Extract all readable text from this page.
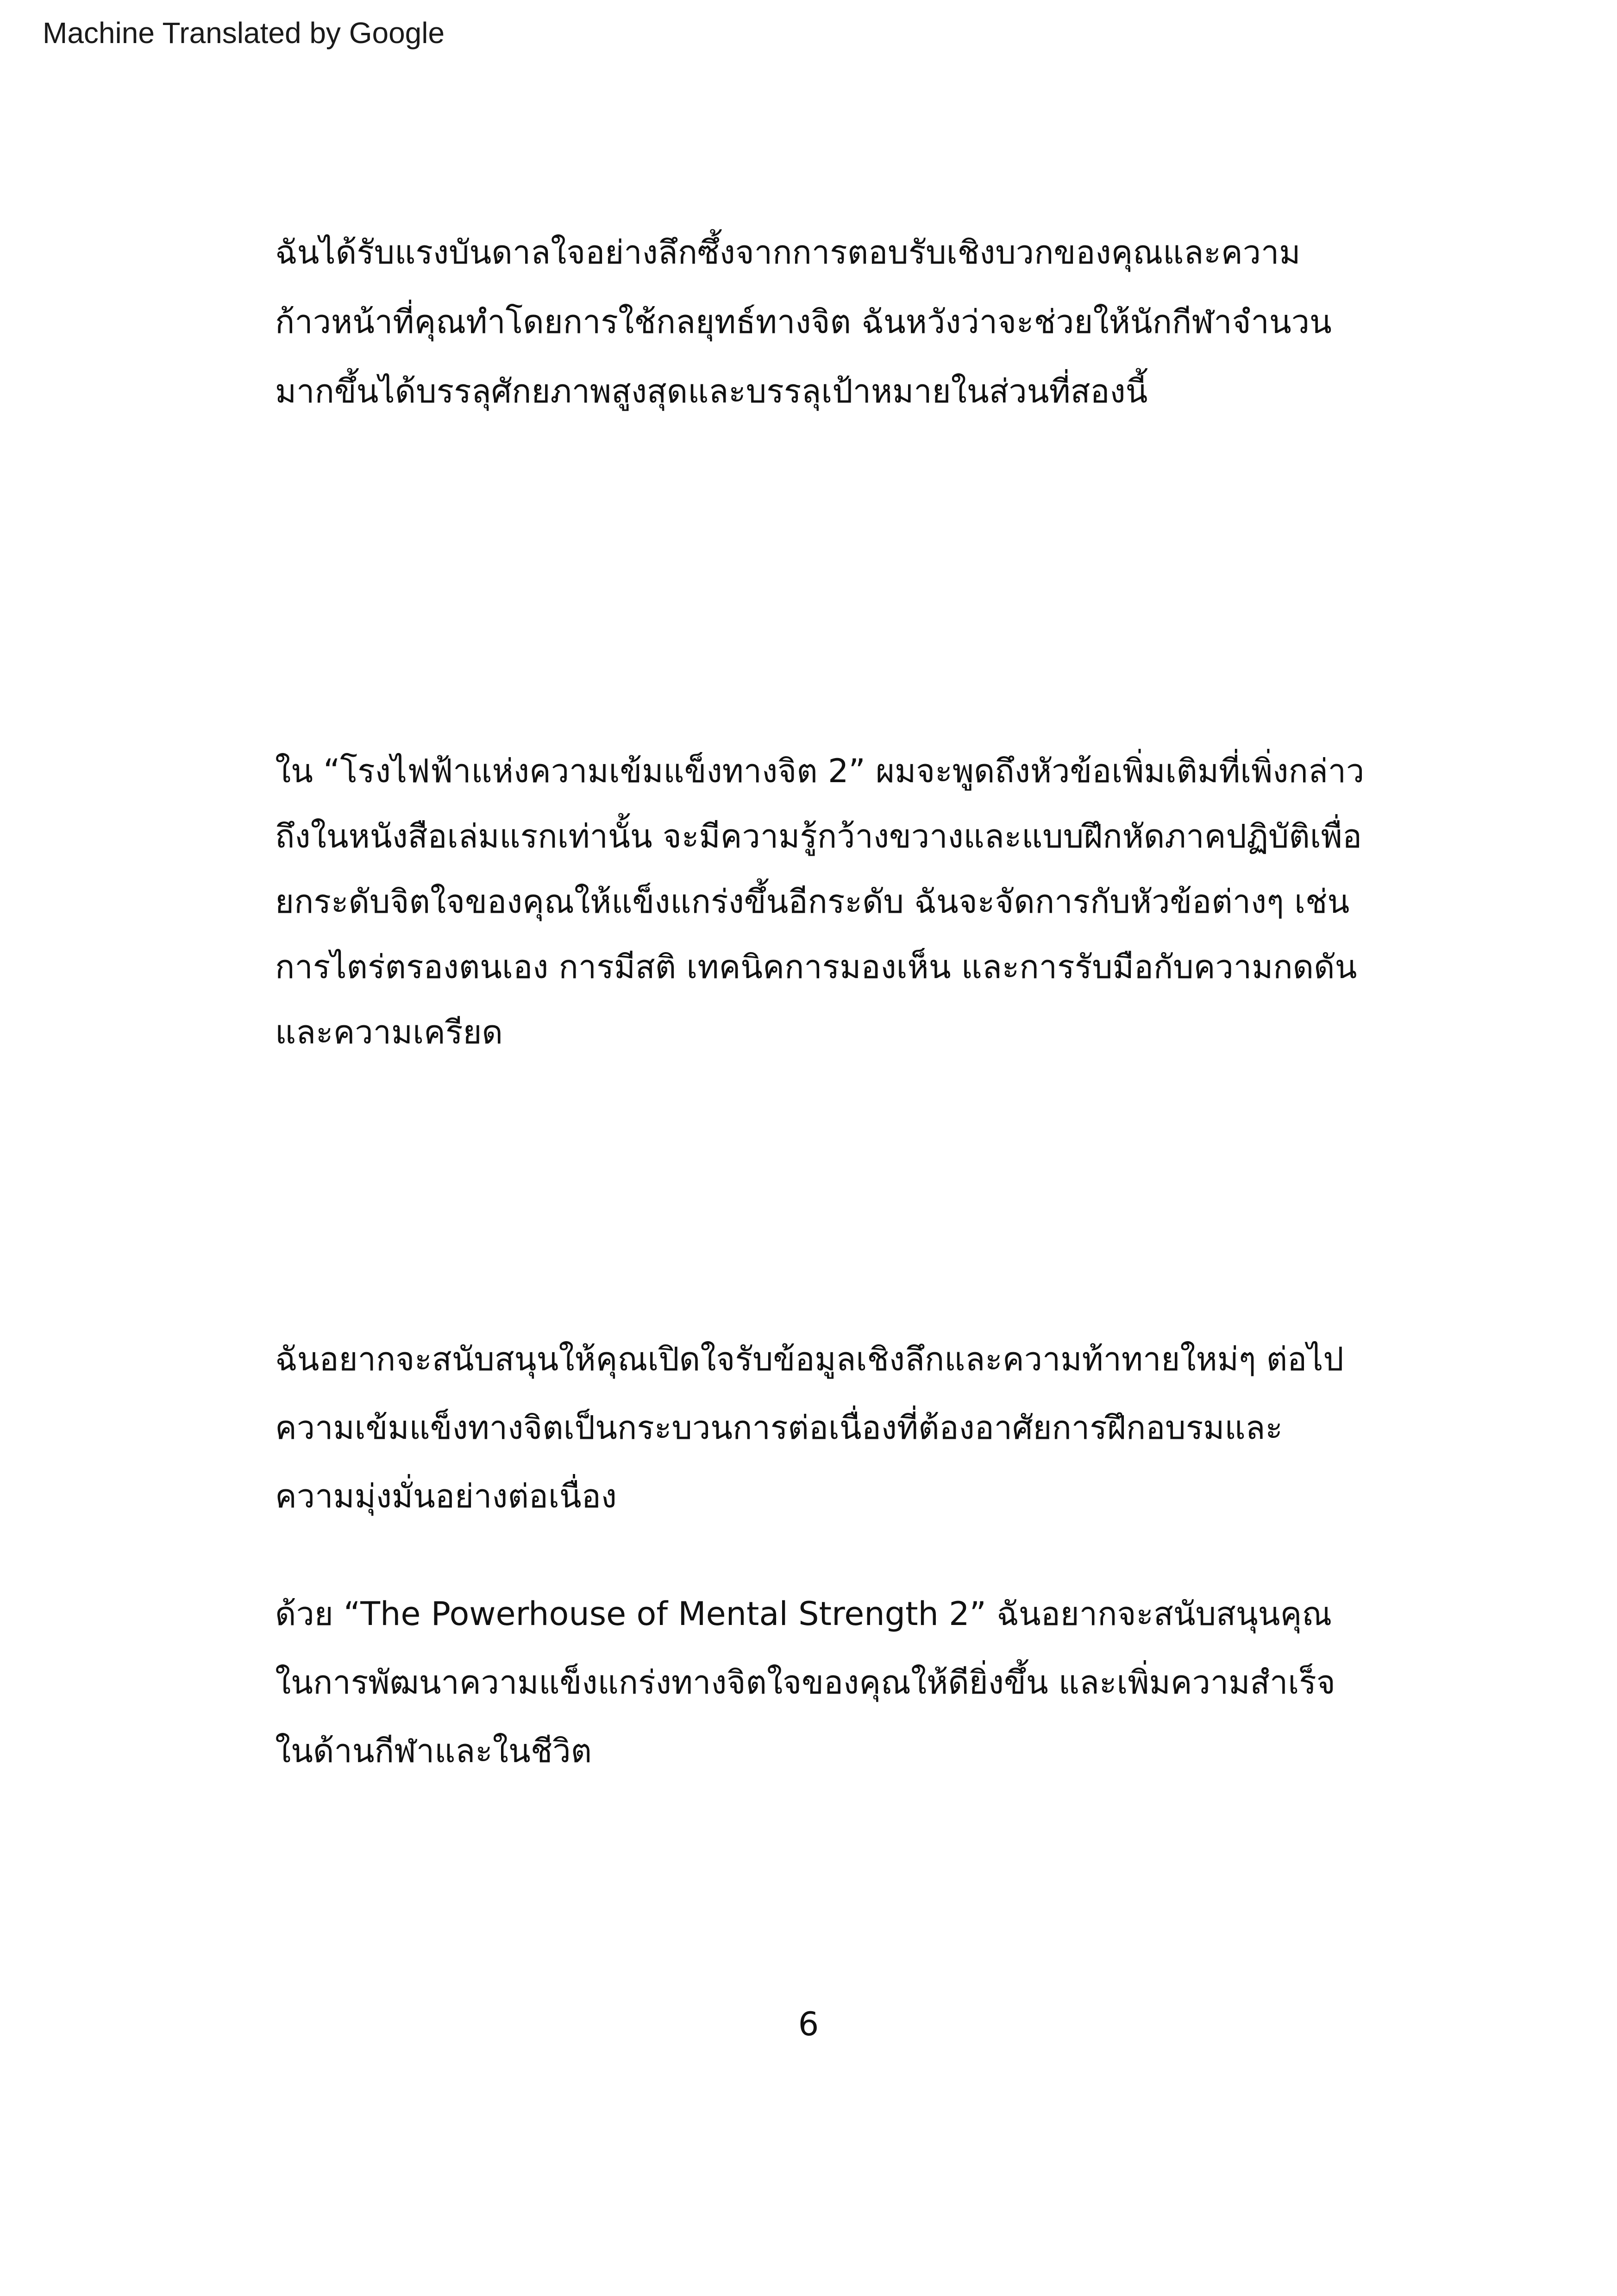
Machine Translated by Google

ฉันได้รับแรงบันดาลใจอย่างลึกซึ้งจากการตอบรับเชิงบวกของคุณและความ
ก้าวหน้าที่คุณทำโดยการใช้กลยุทธ์ทางจิต ฉันหวังว่าจะช่วยให้นักกีฬาจำนวน
มากขึ้นได้บรรลุศักยภาพสูงสุดและบรรลุเป้าหมายในส่วนที่สองนี้

ใน “โรงไฟฟ้าแห่งความเข้มแข็งทางจิต 2” ผมจะพูดถึงหัวข้อเพิ่มเติมที่เพิ่งกล่าว
ถึงในหนังสือเล่มแรกเท่านั้น จะมีความรู้กว้างขวางและแบบฝึกหัดภาคปฏิบัติเพื่อ
ยกระดับจิตใจของคุณให้แข็งแกร่งขึ้นอีกระดับ ฉันจะจัดการกับหัวข้อต่างๆ เช่น
การไตร่ตรองตนเอง การมีสติ เทคนิคการมองเห็น และการรับมือกับความกดดัน
และความเครียด

ฉันอยากจะสนับสนุนให้คุณเปิดใจรับข้อมูลเชิงลึกและความท้าทายใหม่ๆ ต่อไป
ความเข้มแข็งทางจิตเป็นกระบวนการต่อเนื่องที่ต้องอาศัยการฝึกอบรมและ
ความมุ่งมั่นอย่างต่อเนื่อง

ด้วย “The Powerhouse of Mental Strength 2” ฉันอยากจะสนับสนุนคุณ
ในการพัฒนาความแข็งแกร่งทางจิตใจของคุณให้ดียิ่งขึ้น และเพิ่มความสำเร็จ
ในด้านกีฬาและในชีวิต

6
